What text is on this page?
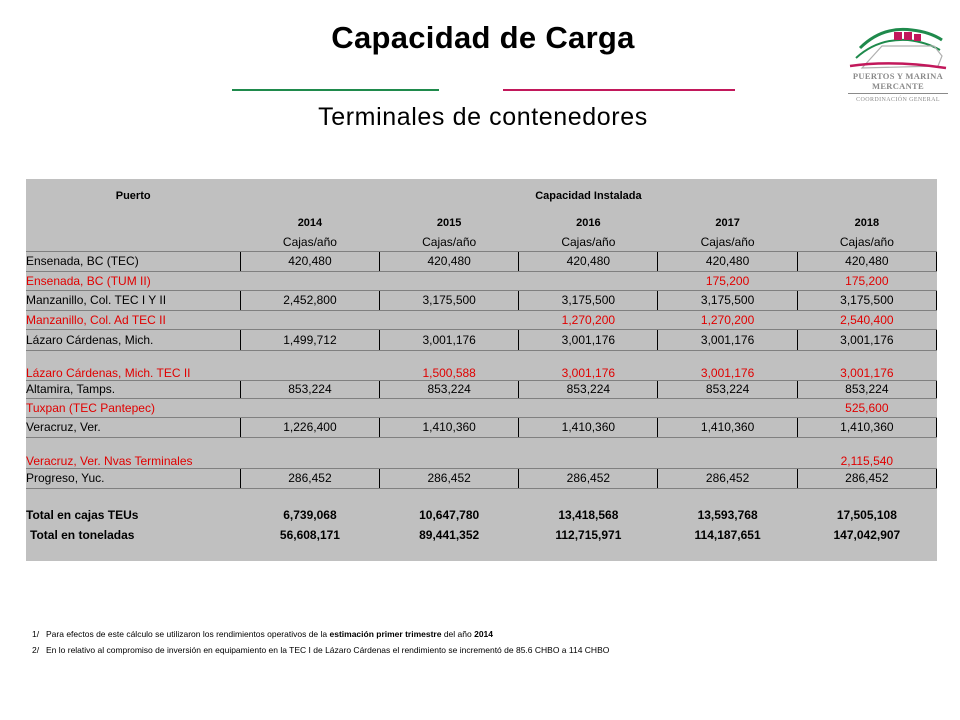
Capacidad de Carga
Terminales de contenedores
PUERTOS Y MARINA
MERCANTE
COORDINACIÓN GENERAL
Puerto	Capacidad Instalada				
	2014	2015	2016	2017	2018
	Cajas/año	Cajas/año	Cajas/año	Cajas/año	Cajas/año
Ensenada, BC (TEC)	420,480	420,480	420,480	420,480	420,480
Ensenada, BC (TUM II)				175,200	175,200
Manzanillo, Col. TEC I Y II	2,452,800	3,175,500	3,175,500	3,175,500	3,175,500
Manzanillo, Col. Ad TEC II			1,270,200	1,270,200	2,540,400
Lázaro Cárdenas, Mich.	1,499,712	3,001,176	3,001,176	3,001,176	3,001,176
Lázaro Cárdenas, Mich. TEC II		1,500,588	3,001,176	3,001,176	3,001,176
Altamira, Tamps.	853,224	853,224	853,224	853,224	853,224
Tuxpan (TEC Pantepec)					525,600
Veracruz, Ver.	1,226,400	1,410,360	1,410,360	1,410,360	1,410,360
Veracruz, Ver. Nvas Terminales					2,115,540
Progreso, Yuc.	286,452	286,452	286,452	286,452	286,452
Total en cajas TEUs	6,739,068	10,647,780	13,418,568	13,593,768	17,505,108
Total en toneladas	56,608,171	89,441,352	112,715,971	114,187,651	147,042,907
1/ Para efectos de este cálculo se utilizaron los rendimientos operativos de la estimación primer trimestre del año 2014
2/ En lo relativo al compromiso de inversión en equipamiento en la TEC I de Lázaro Cárdenas el rendimiento se incrementó de 85.6 CHBO a 114 CHBO
